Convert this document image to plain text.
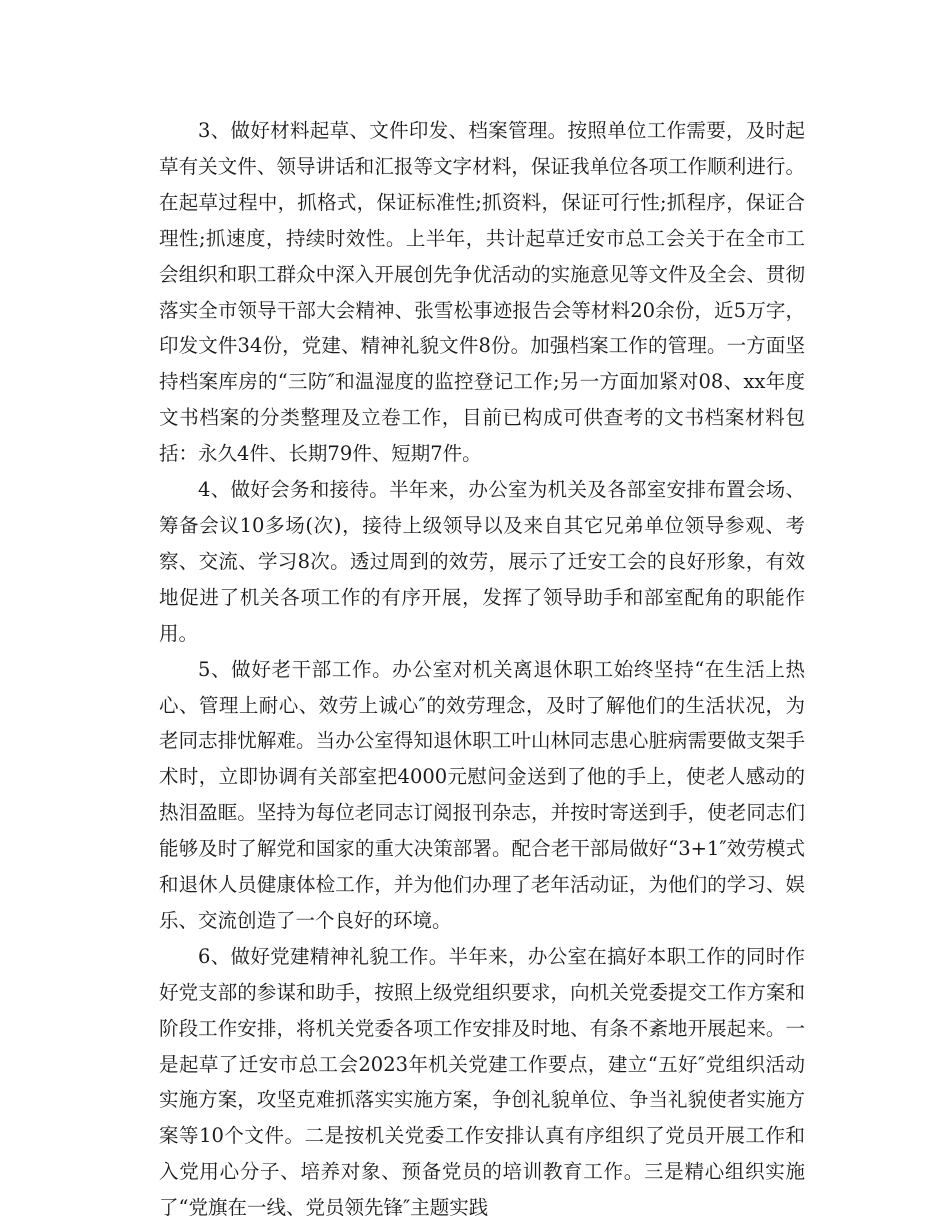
3、做好材料起草、文件印发、档案管理。按照单位工作需要，及时起草有关文件、领导讲话和汇报等文字材料，保证我单位各项工作顺利进行。在起草过程中，抓格式，保证标准性;抓资料，保证可行性;抓程序，保证合理性;抓速度，持续时效性。上半年，共计起草迁安市总工会关于在全市工会组织和职工群众中深入开展创先争优活动的实施意见等文件及全会、贯彻落实全市领导干部大会精神、张雪松事迹报告会等材料20余份，近5万字，印发文件34份，党建、精神礼貌文件8份。加强档案工作的管理。一方面坚持档案库房的“三防″和温湿度的监控登记工作;另一方面加紧对08、xx年度文书档案的分类整理及立卷工作，目前已构成可供查考的文书档案材料包括：永久4件、长期79件、短期7件。

4、做好会务和接待。半年来，办公室为机关及各部室安排布置会场、筹备会议10多场(次)，接待上级领导以及来自其它兄弟单位领导参观、考察、交流、学习8次。透过周到的效劳，展示了迁安工会的良好形象，有效地促进了机关各项工作的有序开展，发挥了领导助手和部室配角的职能作用。

5、做好老干部工作。办公室对机关离退休职工始终坚持“在生活上热心、管理上耐心、效劳上诚心″的效劳理念，及时了解他们的生活状况，为老同志排忧解难。当办公室得知退休职工叶山林同志患心脏病需要做支架手术时，立即协调有关部室把4000元慰问金送到了他的手上，使老人感动的热泪盈眶。坚持为每位老同志订阅报刊杂志，并按时寄送到手，使老同志们能够及时了解党和国家的重大决策部署。配合老干部局做好“3+1″效劳模式和退休人员健康体检工作，并为他们办理了老年活动证，为他们的学习、娱乐、交流创造了一个良好的环境。

6、做好党建精神礼貌工作。半年来，办公室在搞好本职工作的同时作好党支部的参谋和助手，按照上级党组织要求，向机关党委提交工作方案和阶段工作安排，将机关党委各项工作安排及时地、有条不紊地开展起来。一是起草了迁安市总工会2023年机关党建工作要点，建立“五好″党组织活动实施方案，攻坚克难抓落实实施方案，争创礼貌单位、争当礼貌使者实施方案等10个文件。二是按机关党委工作安排认真有序组织了党员开展工作和入党用心分子、培养对象、预备党员的培训教育工作。三是精心组织实施了“党旗在一线、党员领先锋″主题实践
